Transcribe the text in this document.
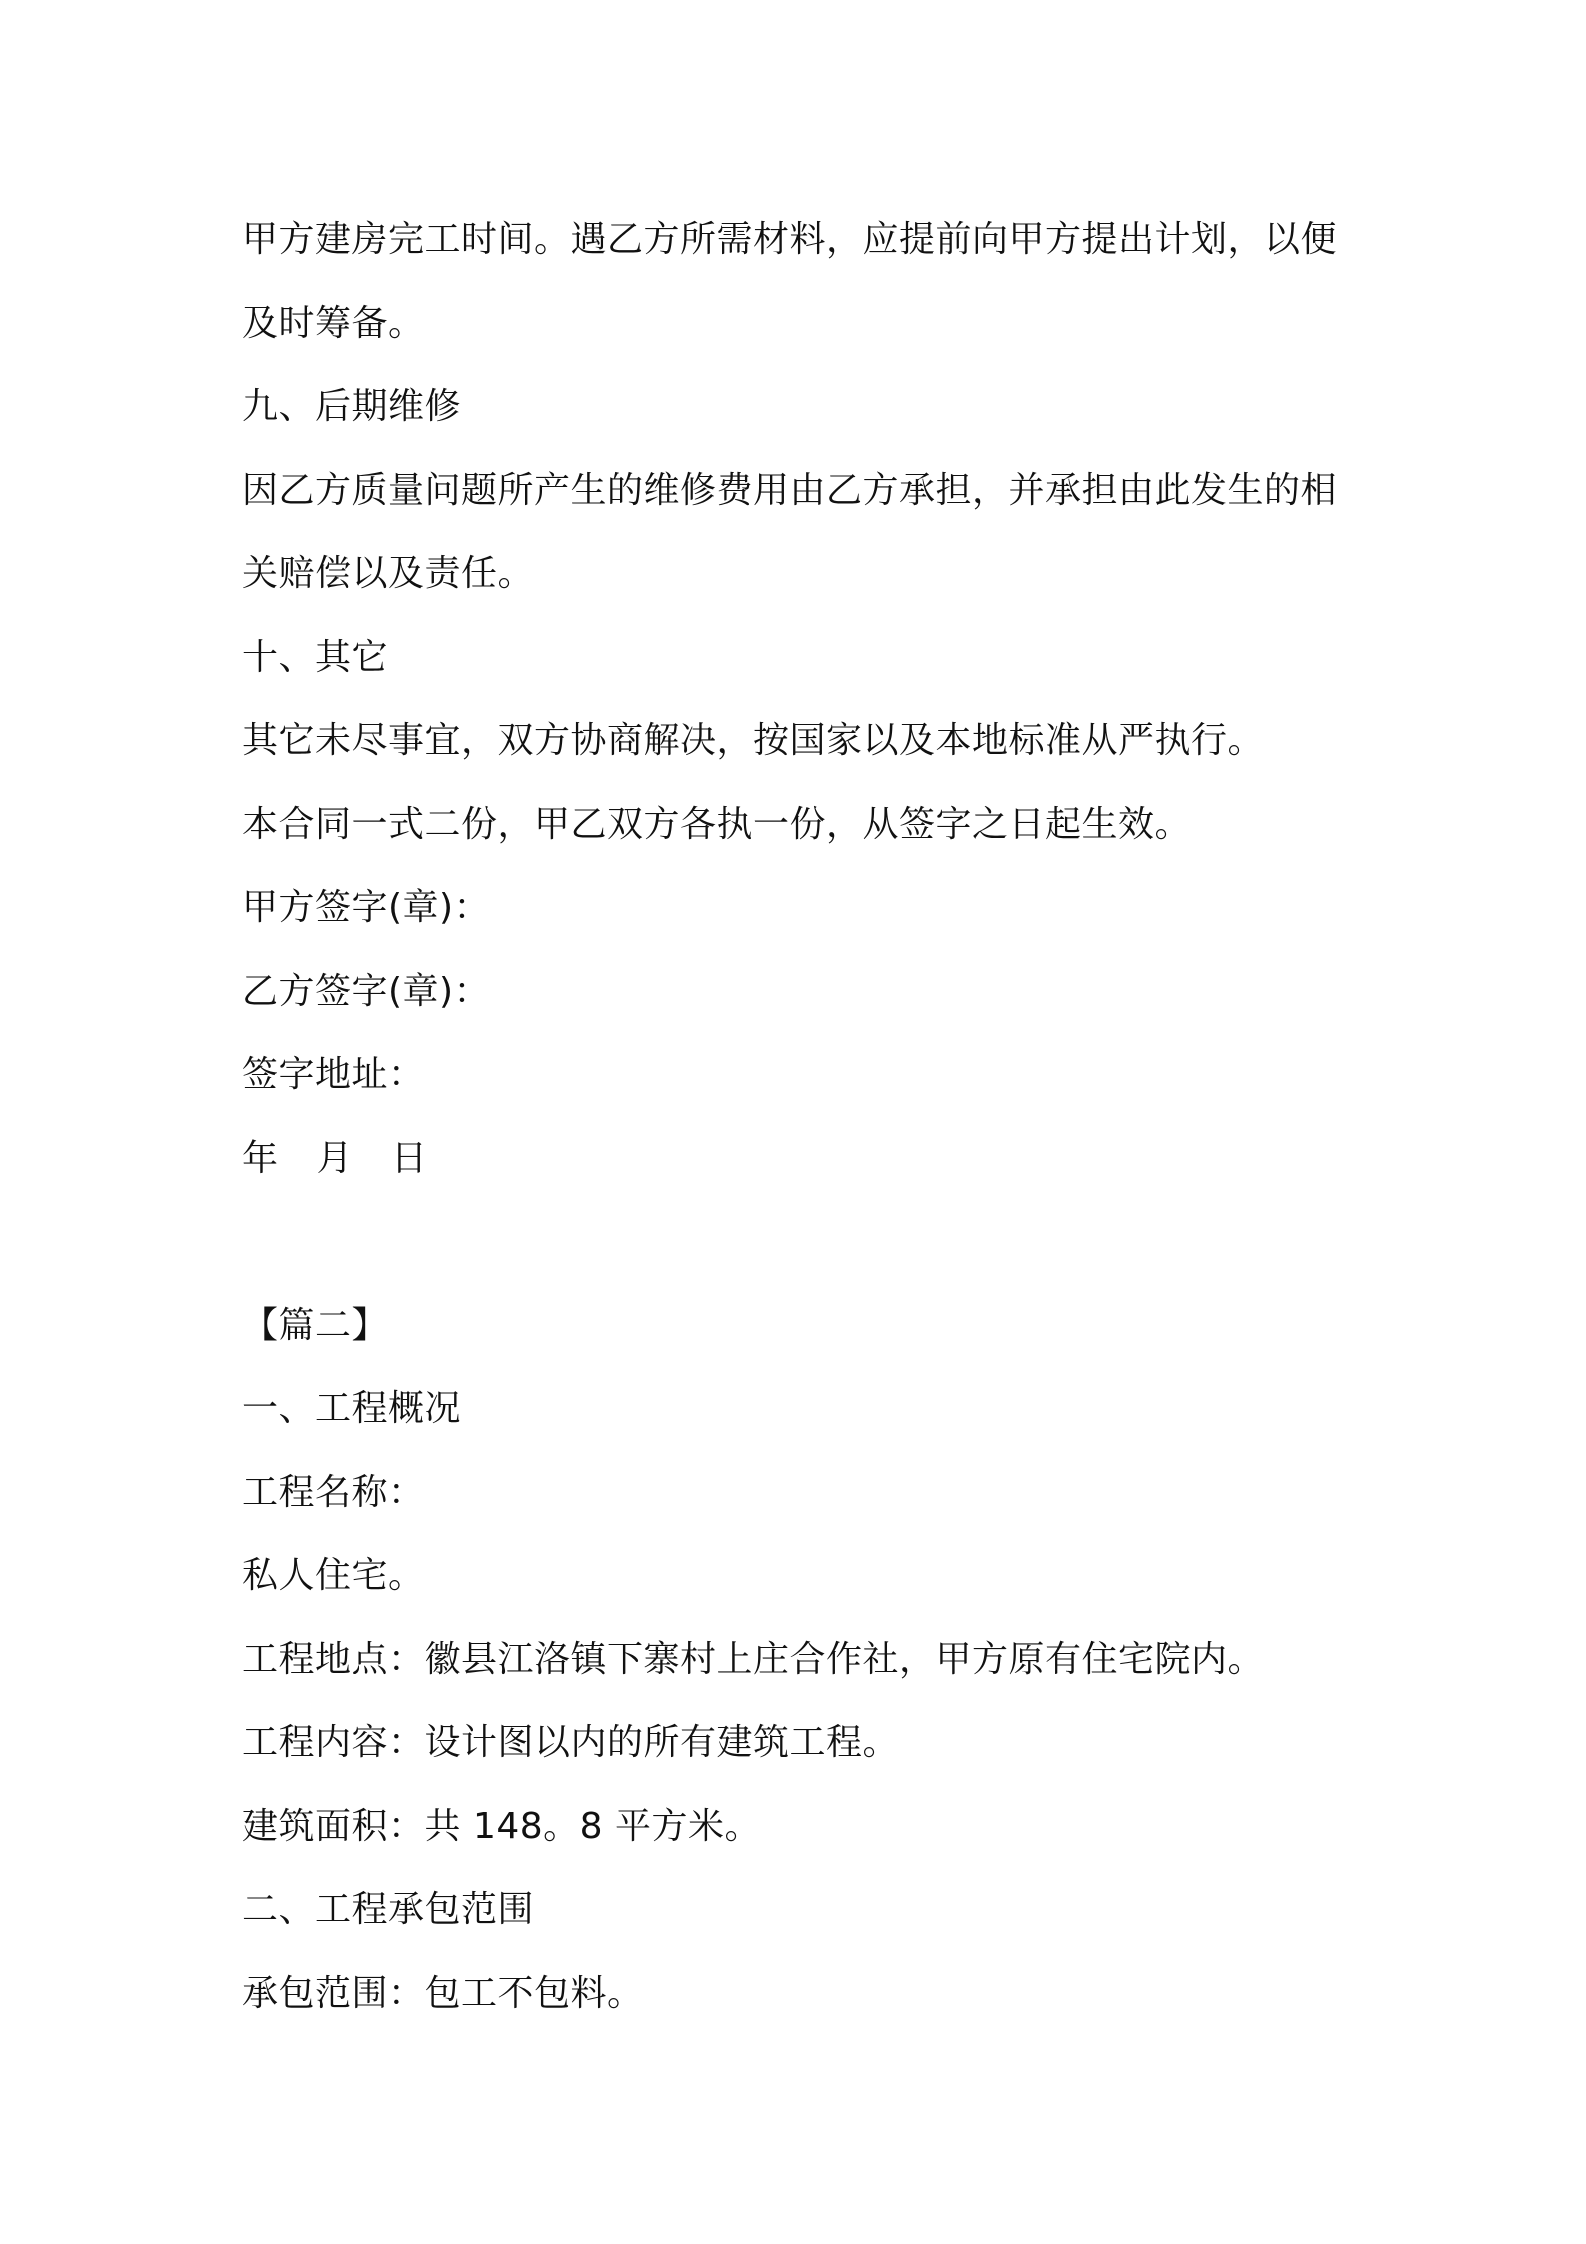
甲方建房完工时间。遇乙方所需材料，应提前向甲方提出计划，以便
及时筹备。
九、后期维修
因乙方质量问题所产生的维修费用由乙方承担，并承担由此发生的相
关赔偿以及责任。
十、其它
其它未尽事宜，双方协商解决，按国家以及本地标准从严执行。
本合同一式二份，甲乙双方各执一份，从签字之日起生效。
甲方签字(章)：
乙方签字(章)：
签字地址：
年 月 日
【篇二】
一、工程概况
工程名称：
私人住宅。
工程地点：徽县江洛镇下寨村上庄合作社，甲方原有住宅院内。
工程内容：设计图以内的所有建筑工程。
建筑面积：共 148。8 平方米。
二、工程承包范围
承包范围：包工不包料。
